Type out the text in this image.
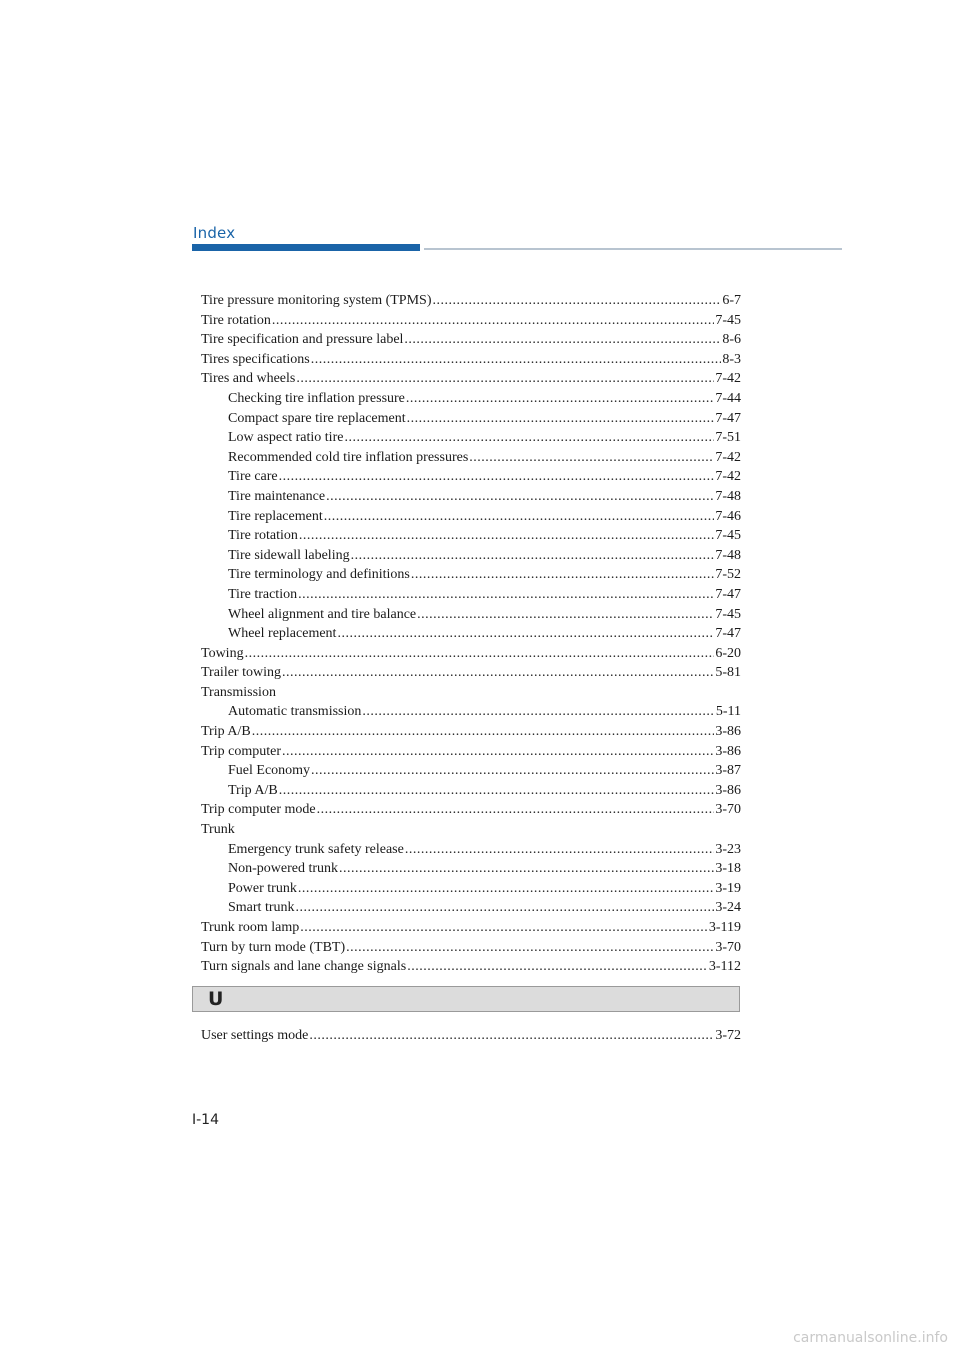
Index
Tire pressure monitoring system (TPMS) .....	6-7
Tire rotation .....	7-45
Tire specification and pressure label .....	8-6
Tires specifications .....	8-3
Tires and wheels .....	7-42
Checking tire inflation pressure .....	7-44
Compact spare tire replacement .....	7-47
Low aspect ratio tire .....	7-51
Recommended cold tire inflation pressures .....	7-42
Tire care .....	7-42
Tire maintenance .....	7-48
Tire replacement .....	7-46
Tire rotation .....	7-45
Tire sidewall labeling .....	7-48
Tire terminology and definitions .....	7-52
Tire traction .....	7-47
Wheel alignment and tire balance .....	7-45
Wheel replacement .....	7-47
Towing .....	6-20
Trailer towing .....	5-81
Transmission
Automatic transmission .....	5-11
Trip A/B .....	3-86
Trip computer .....	3-86
Fuel Economy .....	3-87
Trip A/B .....	3-86
Trip computer mode .....	3-70
Trunk
Emergency trunk safety release .....	3-23
Non-powered trunk .....	3-18
Power trunk .....	3-19
Smart trunk .....	3-24
Trunk room lamp .....	3-119
Turn by turn mode (TBT) .....	3-70
Turn signals and lane change signals .....	3-112
U
User settings mode .....	3-72
I-14
carmanualsonline.info
